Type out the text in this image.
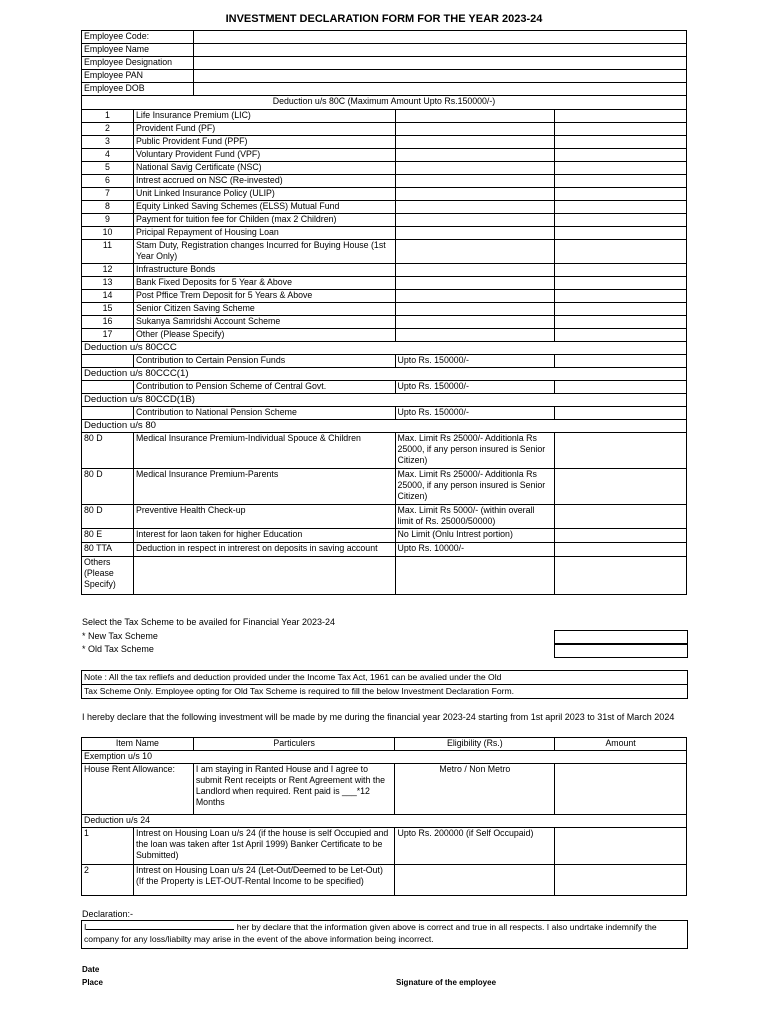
INVESTMENT DECLARATION FORM FOR THE YEAR 2023-24
Employee Code:				
Employee Name				
Employee Designation				
Employee PAN				
Employee DOB				
Deduction u/s 80C (Maximum Amount Upto Rs.150000/-)				
1	Life Insurance Premium (LIC)			
2	Provident Fund (PF)			
3	Public Provident Fund (PPF)			
4	Voluntary Provident Fund (VPF)			
5	National Savig Certificate (NSC)			
6	Intrest accrued on NSC (Re-invested)			
7	Unit Linked Insurance Policy (ULIP)			
8	Equity Linked Saving Schemes (ELSS) Mutual Fund			
9	Payment for tuition fee for Childen (max 2 Children)			
10	Pricipal Repayment of Housing Loan			
11	Stam Duty, Registration changes Incurred for Buying House (1st Year Only)			
12	Infrastructure Bonds			
13	Bank Fixed Deposits for 5 Year & Above			
14	Post Pffice Trem Deposit for 5 Years & Above			
15	Senior Citizen Saving Scheme			
16	Sukanya Samridshi Account Scheme			
17	Other (Please Specify)			
Deduction u/s 80CCC				
	Contribution to Certain Pension Funds		Upto Rs. 150000/-	
Deduction u/s 80CCC(1)				
	Contribution to Pension Scheme of Central Govt.		Upto Rs. 150000/-	
Deduction u/s 80CCD(1B)				
	Contribution to National Pension Scheme		Upto Rs. 150000/-	
Deduction u/s 80				
80 D	Medical Insurance Premium-Individual Spouce & Children		Max. Limit Rs 25000/- Additionla Rs 25000, if any person insured is Senior Citizen)	
80 D	Medical Insurance Premium-Parents		Max. Limit Rs 25000/- Additionla Rs 25000, if any person insured is Senior Citizen)	
80 D	Preventive Health Check-up		Max. Limit Rs 5000/- (within overall limit of Rs. 25000/50000)	
80 E	Interest for laon taken for higher Education		No Limit (Onlu Intrest portion)	
80 TTA	Deduction in respect in intrerest on deposits in saving account		Upto Rs. 10000/-	
Others (Please Specify)				
Select the Tax Scheme to be availed for Financial Year 2023-24
* New Tax Scheme
* Old Tax Scheme
Note : All the tax refliefs and deduction provided under the Income Tax Act, 1961 can be avalied under the Old
Tax Scheme Only. Employee opting for Old Tax Scheme is required to fill the below Investment Declaration Form.
I hereby declare that the following investment will be made by me during the financial year 2023-24 starting from 1st april 2023 to 31st of March 2024
Item Name		Particulers	Eligibility (Rs.)	Amount
Exemption u/s 10				
House Rent Allowance:		I am staying in Ranted House and I agree to submit Rent receipts or Rent Agreement with the Landlord when required. Rent paid is ___*12 Months	Metro / Non Metro	
Deduction u/s 24				
1	Intrest on Housing Loan u/s 24 (if the house is self Occupied and the loan was taken after 1st April 1999) Banker Certificate to be Submitted)		Upto Rs. 200000 (if Self Occupaid)	
2	Intrest on Housing Loan u/s 24 (Let-Out/Deemed to be Let-Out) (If the Property is LET-OUT-Rental Income to be specified)			
Declaration:-
I	her by declare that the information given above is correct and true in all respects. I also undrtake indemnify the
company for any loss/liabilty may arise in the event of the above information being incorrect.
Date
Place	Signature of the employee
